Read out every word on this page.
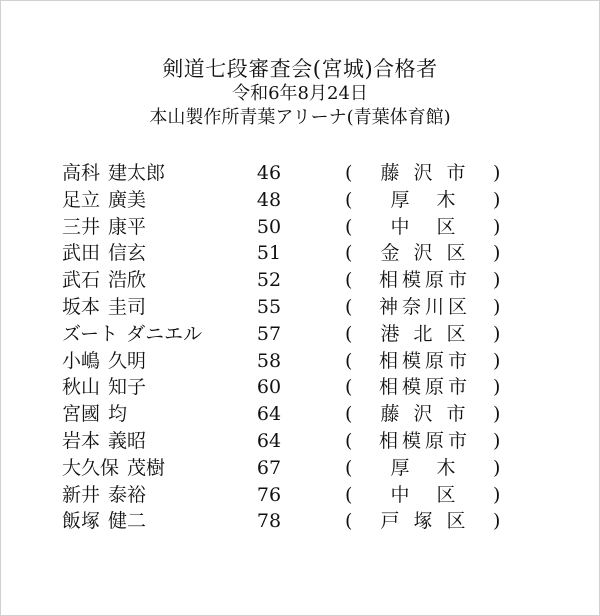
剣道七段審査会(宮城)合格者
令和6年8月24日
本山製作所青葉アリーナ(青葉体育館)
高科 建太郎	46	(	藤 沢 市	)
足立 廣美	48	(	厚　木	)
三井 康平	50	(	中　区	)
武田 信玄	51	(	金 沢 区	)
武石 浩欣	52	(	相模原市	)
坂本 圭司	55	(	神奈川区	)
ズート ダニエル	57	(	港 北 区	)
小嶋 久明	58	(	相模原市	)
秋山 知子	60	(	相模原市	)
宮國 均	64	(	藤 沢 市	)
岩本 義昭	64	(	相模原市	)
大久保 茂樹	67	(	厚　木	)
新井 泰裕	76	(	中　区	)
飯塚 健二	78	(	戸 塚 区	)
